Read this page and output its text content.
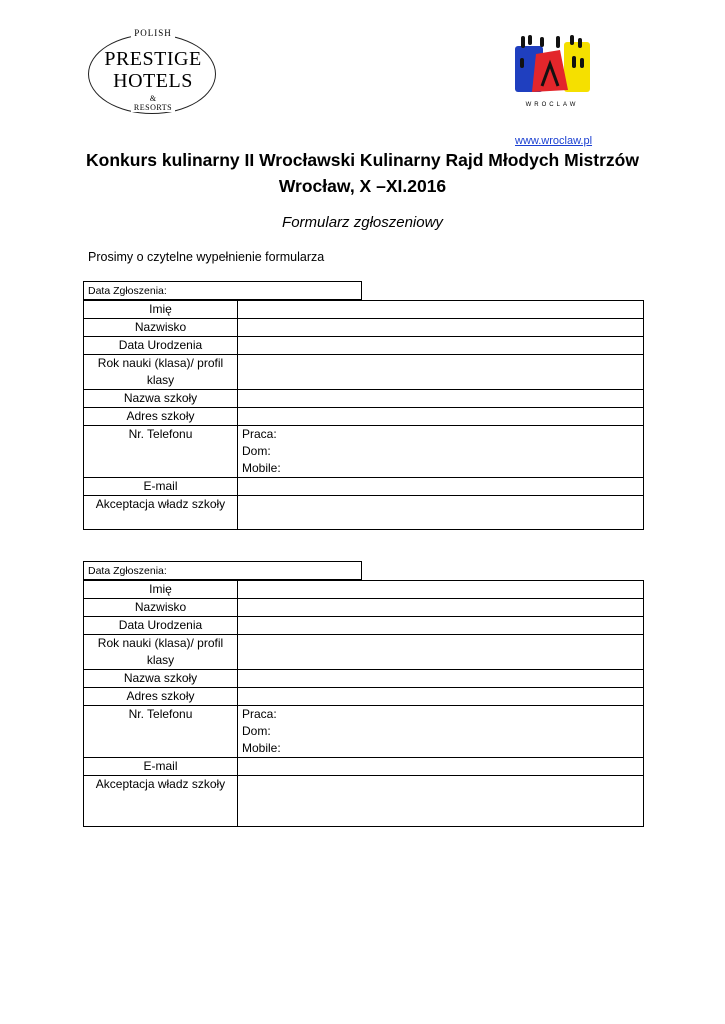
POLISH
PRESTIGE
HOTELS
&
RESORTS	WROCLAW
www.wroclaw.pl
Konkurs kulinarny II Wrocławski Kulinarny Rajd Młodych Mistrzów
Wrocław, X –XI.2016
Formularz zgłoszeniowy
Prosimy o czytelne wypełnienie formularza
Data Zgłoszenia:
Imię	
Nazwisko	
Data Urodzenia	
Rok nauki (klasa)/ profil klasy	
Nazwa szkoły	
Adres szkoły	
Nr. Telefonu	Praca:
Dom:
Mobile:

E-mail	
Akceptacja władz szkoły	
Data Zgłoszenia:
Imię	
Nazwisko	
Data Urodzenia	
Rok nauki (klasa)/ profil klasy	
Nazwa szkoły	
Adres szkoły	
Nr. Telefonu	Praca:
Dom:
Mobile:

E-mail	
Akceptacja władz szkoły	
